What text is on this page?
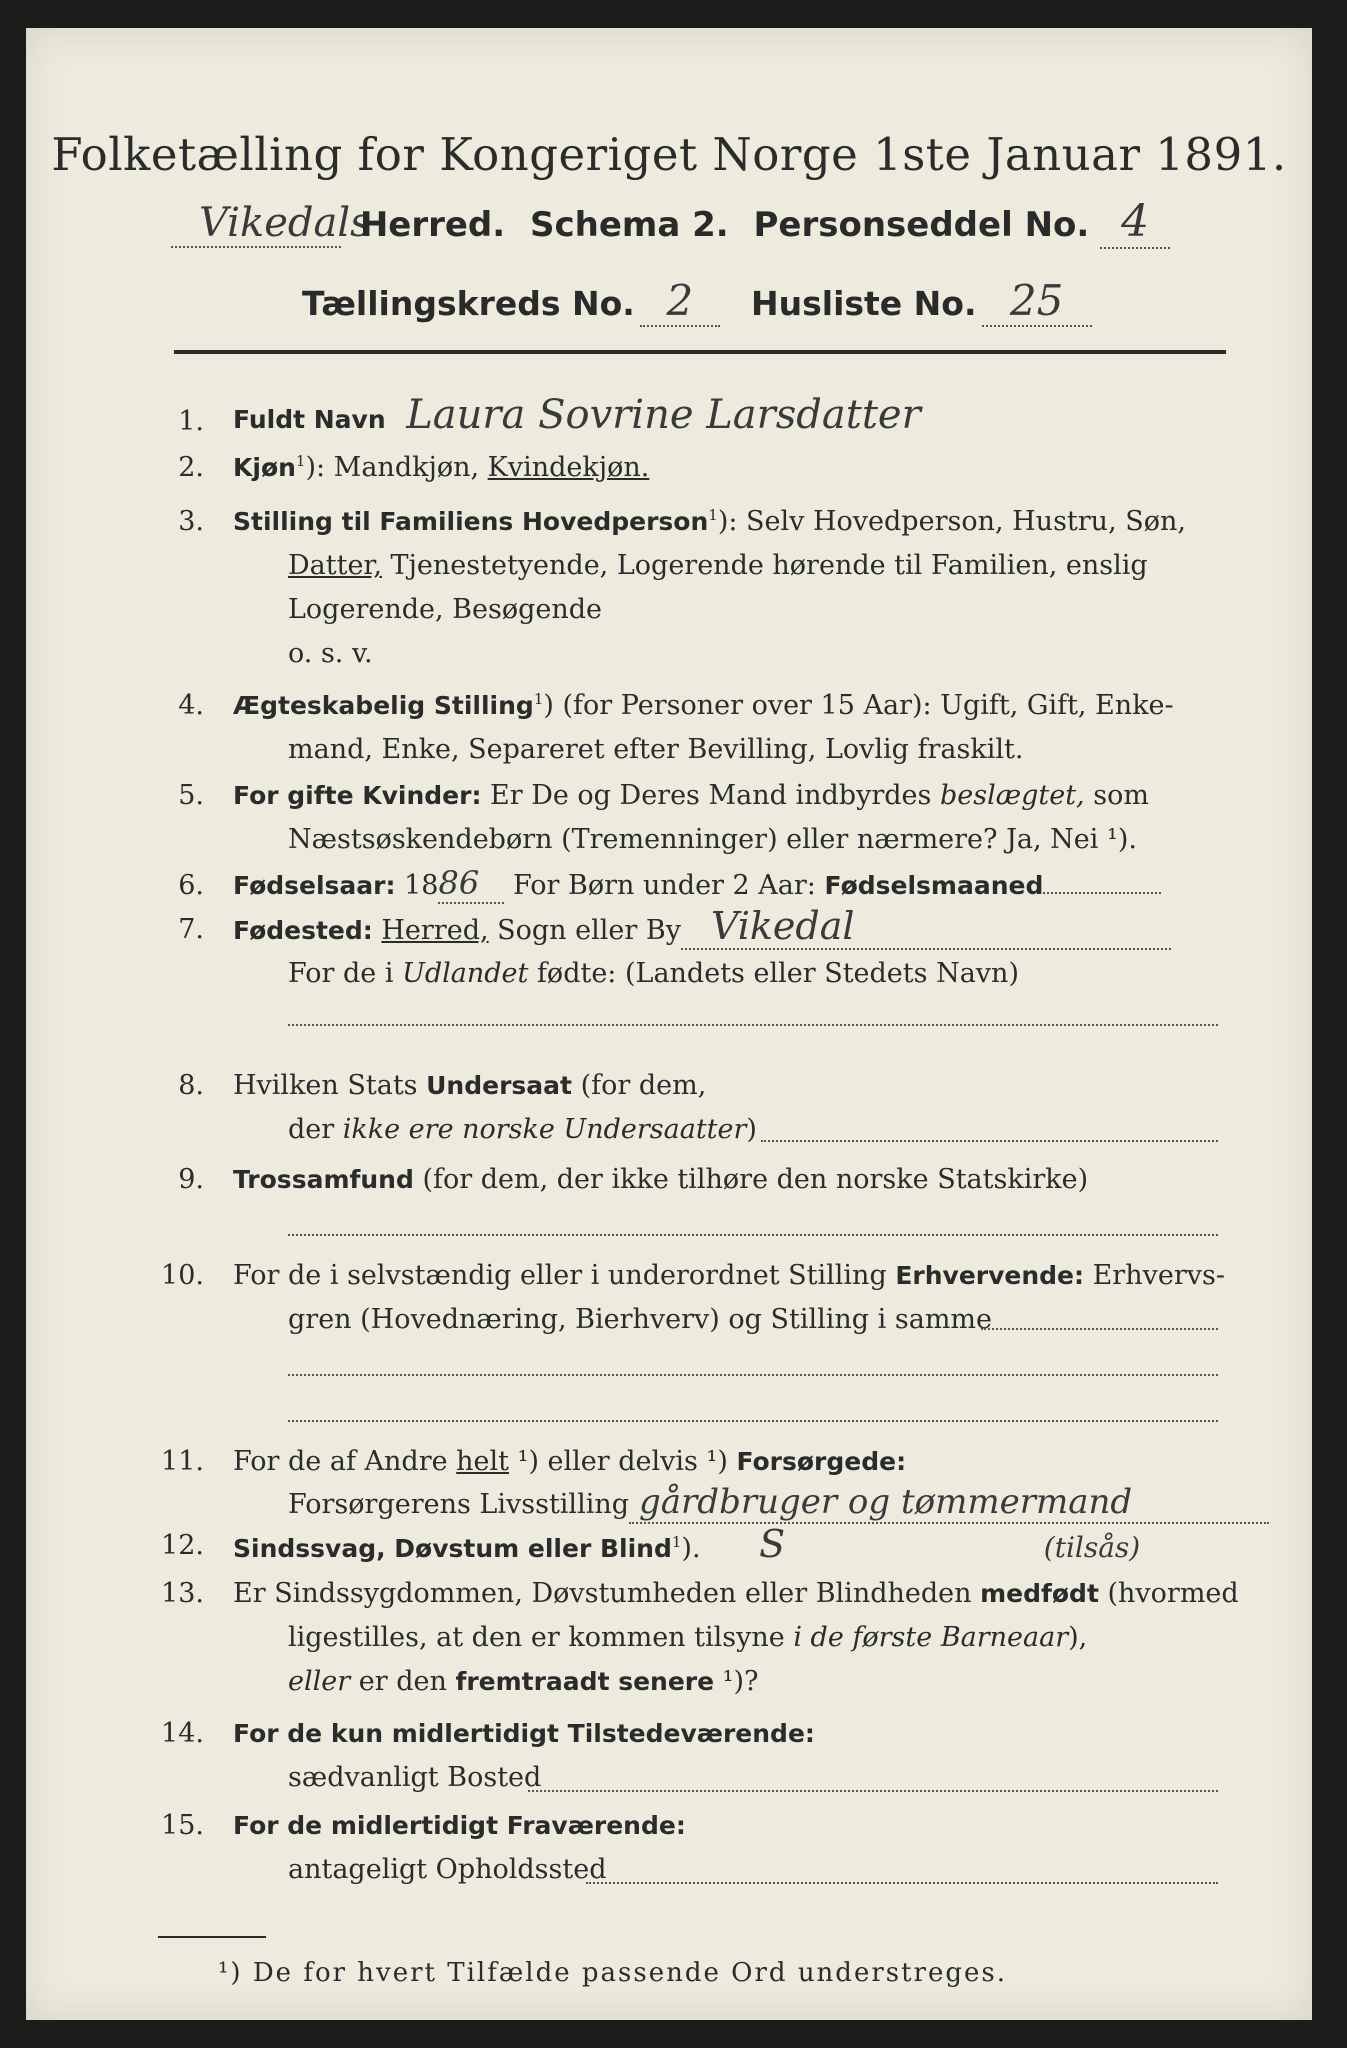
Folketælling for Kongeriget Norge 1ste Januar 1891.
Vikedals Herred. Schema 2. Personseddel No. 4
Tællingskreds No. 2 Husliste No. 25
1. Fuldt Navn Laura Sovrine Larsdatter
2. Kjøn$^1$): Mandkjøn, Kvindekjøn.
3. Stilling til Familiens Hovedperson$^1$): Selv Hovedperson, Hustru, Søn,
Datter, Tjenestetyende, Logerende hørende til Familien, enslig
Logerende, Besøgende
o. s. v.
4. Ægteskabelig Stilling$^1$) (for Personer over 15 Aar): Ugift, Gift, Enke-
mand, Enke, Separeret efter Bevilling, Lovlig fraskilt.
5. For gifte Kvinder: Er De og Deres Mand indbyrdes beslægtet, som
Næstsøskendebørn (Tremenninger) eller nærmere? Ja, Nei ¹).
6. Fødselsaar: 1886 For Børn under 2 Aar: Fødselsmaaned
7. Fødested: Herred, Sogn eller By Vikedal
For de i Udlandet fødte: (Landets eller Stedets Navn)
8. Hvilken Stats Undersaat (for dem,
der ikke ere norske Undersaatter)
9. Trossamfund (for dem, der ikke tilhøre den norske Statskirke)
10. For de i selvstændig eller i underordnet Stilling Erhvervende: Erhvervs-
gren (Hovednæring, Bierhverv) og Stilling i samme
11. For de af Andre helt ¹) eller delvis ¹) Forsørgede:
Forsørgerens Livsstilling gårdbruger og tømmermand
12. Sindssvag, Døvstum eller Blind$^1$). S	(tilsås)
13. Er Sindssygdommen, Døvstumheden eller Blindheden medfødt (hvormed
ligestilles, at den er kommen tilsyne i de første Barneaar),
eller er den fremtraadt senere ¹)?
14. For de kun midlertidigt Tilstedeværende:
sædvanligt Bosted
15. For de midlertidigt Fraværende:
antageligt Opholdssted
¹) De for hvert Tilfælde passende Ord understreges.
